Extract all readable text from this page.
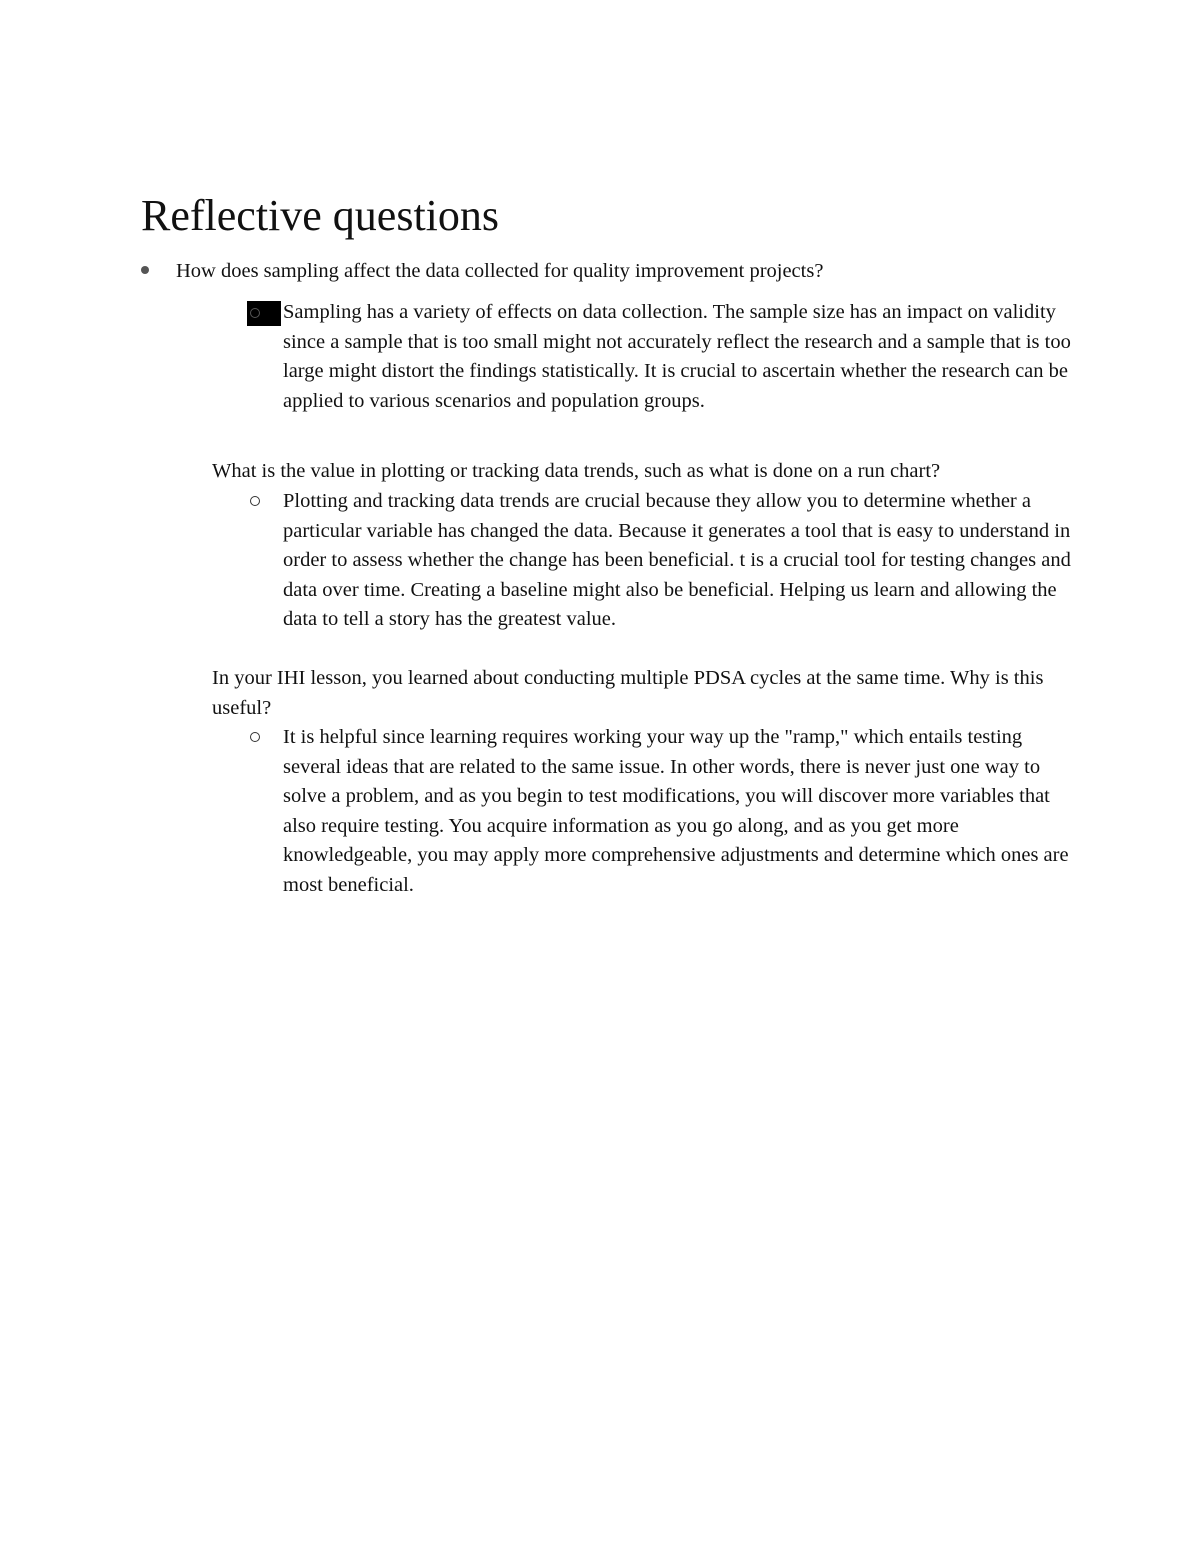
Reflective questions
How does sampling affect the data collected for quality improvement projects?
Sampling has a variety of effects on data collection. The sample size has an impact on validity since a sample that is too small might not accurately reflect the research and a sample that is too large might distort the findings statistically. It is crucial to ascertain whether the research can be applied to various scenarios and population groups.
What is the value in plotting or tracking data trends, such as what is done on a run chart?
Plotting and tracking data trends are crucial because they allow you to determine whether a particular variable has changed the data. Because it generates a tool that is easy to understand in order to assess whether the change has been beneficial. t is a crucial tool for testing changes and data over time. Creating a baseline might also be beneficial. Helping us learn and allowing the data to tell a story has the greatest value.
In your IHI lesson, you learned about conducting multiple PDSA cycles at the same time. Why is this useful?
It is helpful since learning requires working your way up the "ramp," which entails testing several ideas that are related to the same issue. In other words, there is never just one way to solve a problem, and as you begin to test modifications, you will discover more variables that also require testing. You acquire information as you go along, and as you get more knowledgeable, you may apply more comprehensive adjustments and determine which ones are most beneficial.
